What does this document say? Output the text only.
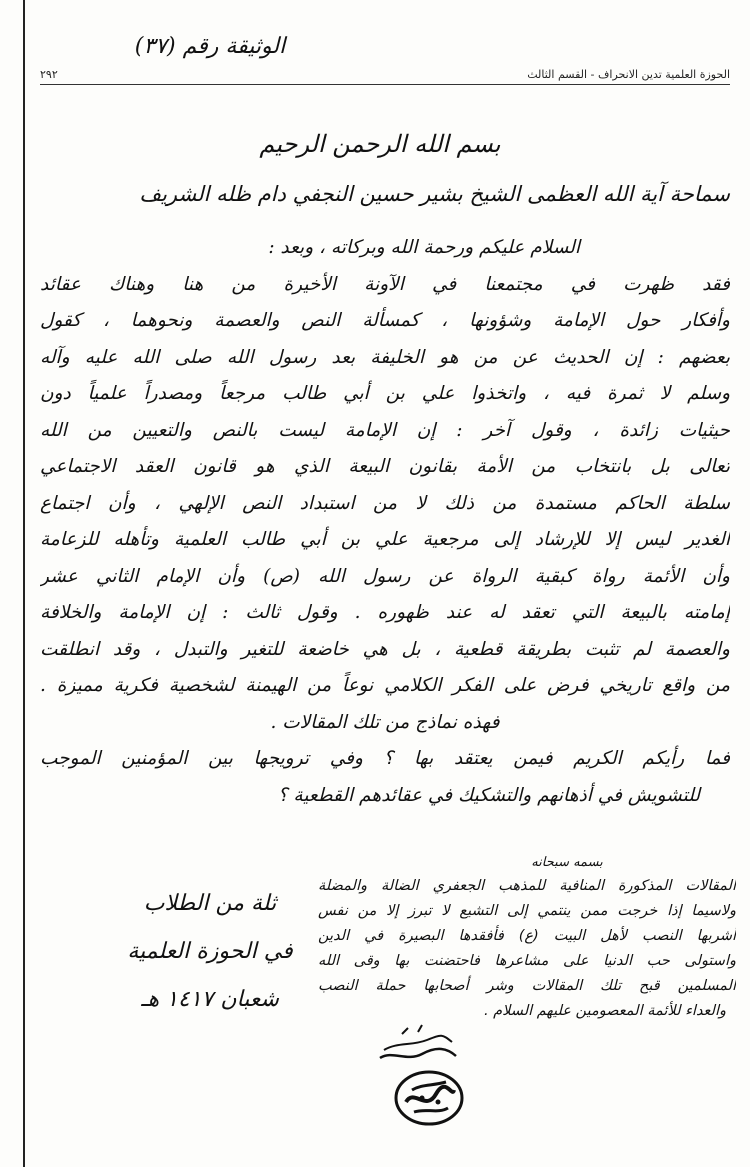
الوثيقة رقم (٣٧)
٢٩٢	الحوزة العلمية تدين الانحراف - القسم الثالث
بسم الله الرحمن الرحيم
سماحة آية الله العظمى الشيخ بشير حسين النجفي دام ظله الشريف
السلام عليكم ورحمة الله وبركاته ، وبعد :
فقد ظهرت في مجتمعنا في الآونة الأخيرة من هنا وهناك عقائد
وأفكار حول الإمامة وشؤونها ، كمسألة النص والعصمة ونحوهما ، كقول
بعضهم : إن الحديث عن من هو الخليفة بعد رسول الله صلى الله عليه وآله
وسلم لا ثمرة فيه ، واتخذوا علي بن أبي طالب مرجعاً ومصدراً علمياً دون
حيثيات زائدة ، وقول آخر : إن الإمامة ليست بالنص والتعيين من الله
تعالى بل بانتخاب من الأمة بقانون البيعة الذي هو قانون العقد الاجتماعي
سلطة الحاكم مستمدة من ذلك لا من استبداد النص الإلهي ، وأن اجتماع
الغدير ليس إلا للإرشاد إلى مرجعية علي بن أبي طالب العلمية وتأهله للزعامة
وأن الأئمة رواة كبقية الرواة عن رسول الله (ص) وأن الإمام الثاني عشر
إمامته بالبيعة التي تعقد له عند ظهوره . وقول ثالث : إن الإمامة والخلافة
والعصمة لم تثبت بطريقة قطعية ، بل هي خاضعة للتغير والتبدل ، وقد انطلقت
من واقع تاريخي فرض على الفكر الكلامي نوعاً من الهيمنة لشخصية فكرية مميزة .
فهذه نماذج من تلك المقالات .
فما رأيكم الكريم فيمن يعتقد بها ؟ وفي ترويجها بين المؤمنين الموجب
للتشويش في أذهانهم والتشكيك في عقائدهم القطعية ؟
ثلة من الطلاب
في الحوزة العلمية
شعبان ١٤١٧ هـ
بسمه سبحانه
المقالات المذكورة المنافية للمذهب الجعفري الضالة والمضلة
ولاسيما إذا خرجت ممن ينتمي إلى التشيع لا تبرز إلا من نفس
أشربها النصب لأهل البيت (ع) فأفقدها البصيرة في الدين
واستولى حب الدنيا على مشاعرها فاحتضنت بها وقى الله
المسلمين قبح تلك المقالات وشر أصحابها حملة النصب
والعداء للأئمة المعصومين عليهم السلام .
